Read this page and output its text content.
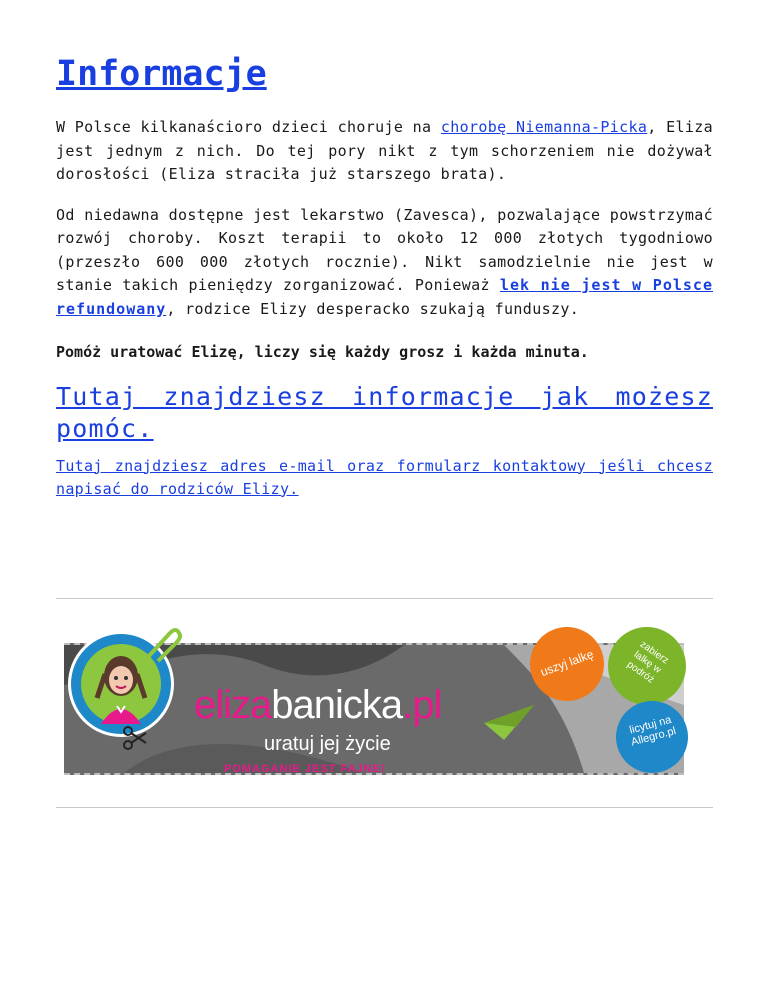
Informacje

W Polsce kilkanaścioro dzieci choruje na chorobę Niemanna-Picka, Eliza jest jednym z nich. Do tej pory nikt z tym schorzeniem nie dożywał dorosłości (Eliza straciła już starszego brata).

Od niedawna dostępne jest lekarstwo (Zavesca), pozwalające powstrzymać rozwój choroby. Koszt terapii to około 12 000 złotych tygodniowo (przeszło 600 000 złotych rocznie). Nikt samodzielnie nie jest w stanie takich pieniędzy zorganizować. Ponieważ lek nie jest w Polsce refundowany, rodzice Elizy desperacko szukają funduszy.

Pomóż uratować Elizę, liczy się każdy grosz i każda minuta.

Tutaj znajdziesz informacje jak możesz pomóc.

Tutaj znajdziesz adres e-mail oraz formularz kontaktowy jeśli chcesz napisać do rodziców Elizy.

elizabanicka.pl
uratuj jej życie
POMAGANIE JEST FAJNE!
uszyj lalkę	zabierz lalkę w podróż
licytuj na Allegro.pl
